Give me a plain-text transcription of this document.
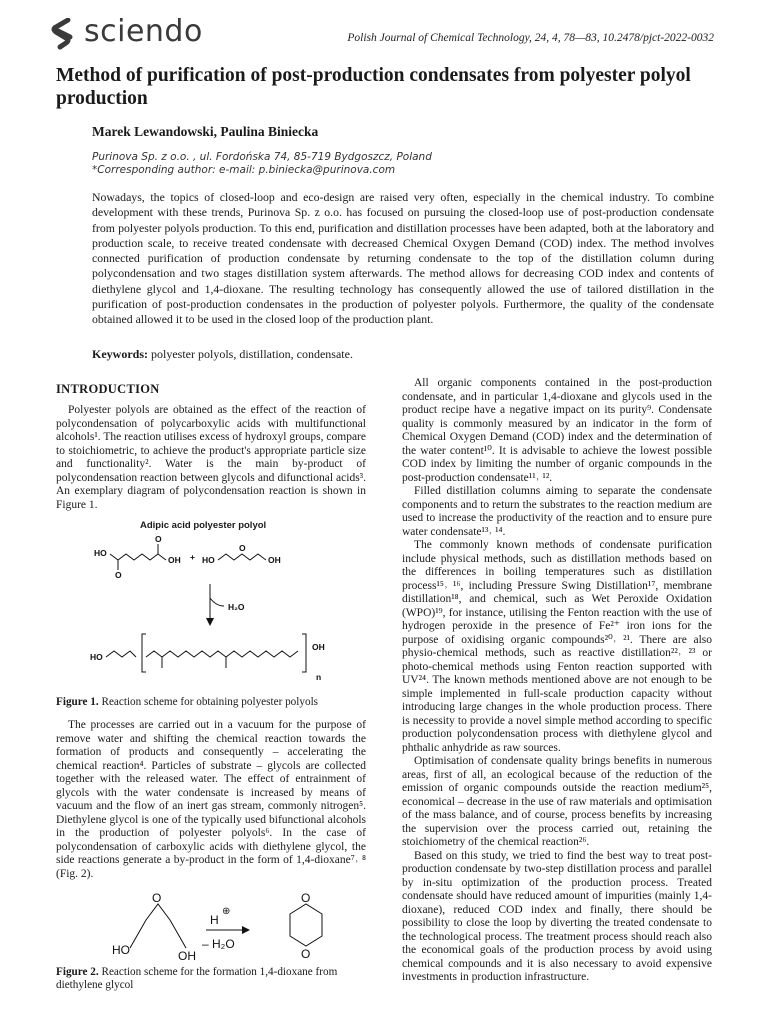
sciendo	Polish Journal of Chemical Technology, 24, 4, 78—83, 10.2478/pjct-2022-0032
Method of purification of post-production condensates from polyester polyol production
Marek Lewandowski, Paulina Biniecka
Purinova Sp. z o.o. , ul. Fordońska 74, 85-719 Bydgoszcz, Poland
*Corresponding author: e-mail: p.biniecka@purinova.com
Nowadays, the topics of closed-loop and eco-design are raised very often, especially in the chemical industry. To combine development with these trends, Purinova Sp. z o.o. has focused on pursuing the closed-loop use of post-production condensate from polyester polyols production. To this end, purification and distillation processes have been adapted, both at the laboratory and production scale, to receive treated condensate with decreased Chemical Oxygen Demand (COD) index. The method involves connected purification of production condensate by returning condensate to the top of the distillation column during polycondensation and two stages distillation system afterwards. The method allows for decreasing COD index and contents of diethylene glycol and 1,4-dioxane. The resulting technology has consequently allowed the use of tailored distillation in the purification of post-production condensates in the production of polyester polyols. Furthermore, the quality of the condensate obtained allowed it to be used in the closed loop of the production plant.
Keywords: polyester polyols, distillation, condensate.
INTRODUCTION

Polyester polyols are obtained as the effect of the reaction of polycondensation of polycarboxylic acids with multifunctional alcohols¹. The reaction utilises excess of hydroxyl groups, compare to stoichiometric, to achieve the product's appropriate particle size and functionality². Water is the main by-product of polycondensation reaction between glycols and difunctional acids³. An exemplary diagram of polycondensation reaction is shown in Figure 1.

Adipic acid polyester polyol
HO
O
O
OH + HO
O
OH
H₂O
HO
OH
n
Figure 1. Reaction scheme for obtaining polyester polyols

The processes are carried out in a vacuum for the purpose of remove water and shifting the chemical reaction towards the formation of products and consequently – accelerating the chemical reaction⁴. Particles of substrate – glycols are collected together with the released water. The effect of entrainment of glycols with the water condensate is increased by means of vacuum and the flow of an inert gas stream, commonly nitrogen⁵. Diethylene glycol is one of the typically used bifunctional alcohols in the production of polyester polyols⁶. In the case of polycondensation of carboxylic acids with diethylene glycol, the side reactions generate a by-product in the form of 1,4-dioxane⁷˒ ⁸ (Fig. 2).

O
HO	OH
H
⊕
– H₂O
O
O
Figure 2. Reaction scheme for the formation 1,4-dioxane from diethylene glycol

All organic components contained in the post-production condensate, and in particular 1,4-dioxane and glycols used in the product recipe have a negative impact on its purity⁹. Condensate quality is commonly measured by an indicator in the form of Chemical Oxygen Demand (COD) index and the determination of the water content¹⁰. It is advisable to achieve the lowest possible COD index by limiting the number of organic compounds in the post-production condensate¹¹˒ ¹².

Filled distillation columns aiming to separate the condensate components and to return the substrates to the reaction medium are used to increase the productivity of the reaction and to ensure pure water condensate¹³˒ ¹⁴.

The commonly known methods of condensate purification include physical methods, such as distillation methods based on the differences in boiling temperatures such as distillation process¹⁵˒ ¹⁶, including Pressure Swing Distillation¹⁷, membrane distillation¹⁸, and chemical, such as Wet Peroxide Oxidation (WPO)¹⁹, for instance, utilising the Fenton reaction with the use of hydrogen peroxide in the presence of Fe²⁺ iron ions for the purpose of oxidising organic compounds²⁰˒ ²¹. There are also physio-chemical methods, such as reactive distillation²²˒ ²³ or photo-chemical methods using Fenton reaction supported with UV²⁴. The known methods mentioned above are not enough to be simple implemented in full-scale production capacity without introducing large changes in the whole production process. There is necessity to provide a novel simple method according to specific production polycondensation process with diethylene glycol and phthalic anhydride as raw sources.

Optimisation of condensate quality brings benefits in numerous areas, first of all, an ecological because of the reduction of the emission of organic compounds outside the reaction medium²⁵, economical – decrease in the use of raw materials and optimisation of the mass balance, and of course, process benefits by increasing the supervision over the process carried out, retaining the stoichiometry of the chemical reaction²⁶.

Based on this study, we tried to find the best way to treat post-production condensate by two-step distillation process and parallel by in-situ optimization of the production process. Treated condensate should have reduced amount of impurities (mainly 1,4-dioxane), reduced COD index and finally, there should be possibility to close the loop by diverting the treated condensate to the technological process. The treatment process should reach also the economical goals of the production process by avoid using chemical compounds and it is also necessary to avoid expensive investments in production infrastructure.
